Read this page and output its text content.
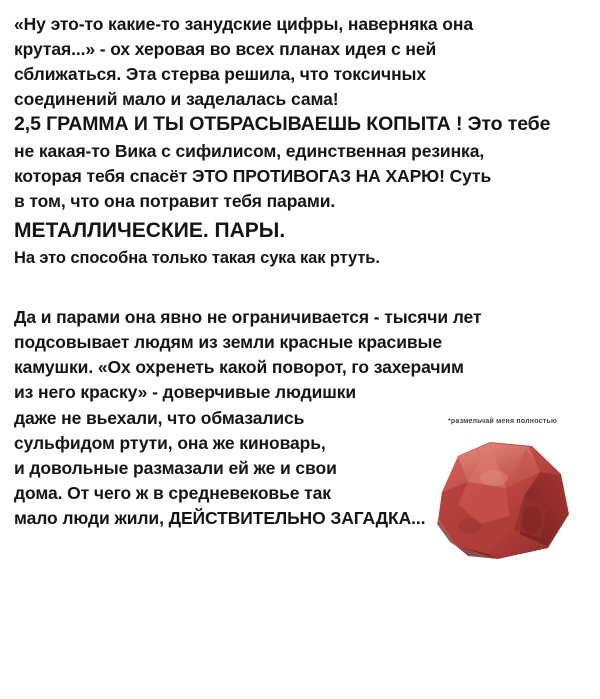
«Ну это-то какие-то занудские цифры, наверняка она
крутая...» - ох херовая во всех планах идея с ней
сближаться. Эта стерва решила, что токсичных
соединений мало и заделалась сама!
2,5 ГРАММА И ТЫ ОТБРАСЫВАЕШЬ КОПЫТА ! Это тебе
не какая-то Вика с сифилисом, единственная резинка,
которая тебя спасёт ЭТО ПРОТИВОГАЗ НА ХАРЮ! Суть
в том, что она потравит тебя парами.
МЕТАЛЛИЧЕСКИЕ. ПАРЫ.
На это способна только такая сука как ртуть.
*размельчай меня полностью
Да и парами она явно не ограничивается - тысячи лет
подсовывает людям из земли красные красивые
камушки. «Ох охренеть какой поворот, го захерачим
из него краску» - доверчивые людишки
даже не вьехали, что обмазались
сульфидом ртути, она же киноварь,
и довольные размазали ей же и свои
дома. От чего ж в средневековье так
мало люди жили, ДЕЙСТВИТЕЛЬНО ЗАГАДКА...
